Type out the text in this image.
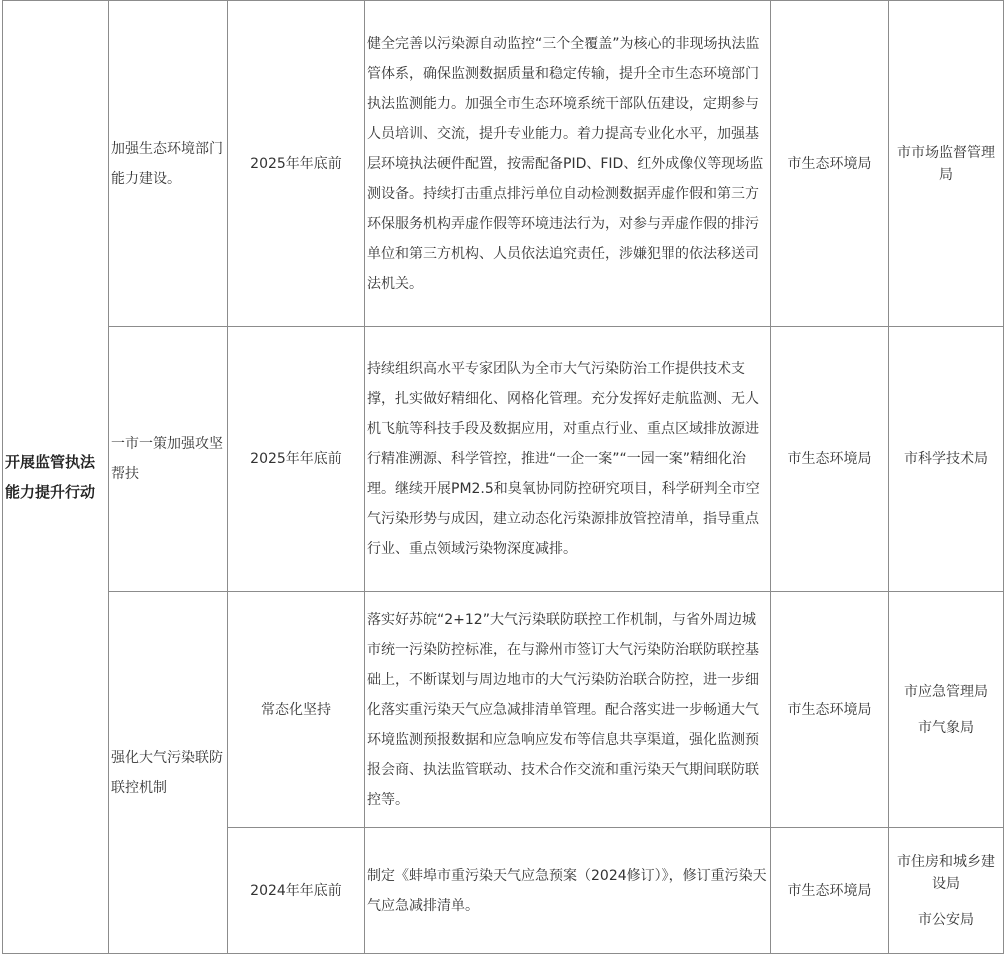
开展监管执法能力提升行动	加强生态环境部门能力建设。	2025年年底前	健全完善以污染源自动监控“三个全覆盖”为核心的非现场执法监管体系，确保监测数据质量和稳定传输，提升全市生态环境部门执法监测能力。加强全市生态环境系统干部队伍建设，定期参与人员培训、交流，提升专业能力。着力提高专业化水平，加强基层环境执法硬件配置，按需配备PID、FID、红外成像仪等现场监测设备。持续打击重点排污单位自动检测数据弄虚作假和第三方环保服务机构弄虚作假等环境违法行为，对参与弄虚作假的排污单位和第三方机构、人员依法追究责任，涉嫌犯罪的依法移送司法机关。	市生态环境局	市市场监督管理局

	一市一策加强攻坚帮扶	2025年年底前	持续组织高水平专家团队为全市大气污染防治工作提供技术支撑，扎实做好精细化、网格化管理。充分发挥好走航监测、无人机飞航等科技手段及数据应用，对重点行业、重点区域排放源进行精准溯源、科学管控，推进“一企一案”“一园一案”精细化治理。继续开展PM2.5和臭氧协同防控研究项目，科学研判全市空气污染形势与成因，建立动态化污染源排放管控清单，指导重点行业、重点领域污染物深度减排。	市生态环境局	市科学技术局

	强化大气污染联防联控机制	常态化坚持	落实好苏皖“2+12”大气污染联防联控工作机制，与省外周边城市统一污染防控标准，在与滁州市签订大气污染防治联防联控基础上，不断谋划与周边地市的大气污染防治联合防控，进一步细化落实重污染天气应急减排清单管理。配合落实进一步畅通大气环境监测预报数据和应急响应发布等信息共享渠道，强化监测预报会商、执法监管联动、技术合作交流和重污染天气期间联防联控等。	市生态环境局	市应急管理局
市气象局

		2024年年底前	制定《蚌埠市重污染天气应急预案（2024修订）》，修订重污染天气应急减排清单。	市生态环境局	市住房和城乡建设局
市公安局
